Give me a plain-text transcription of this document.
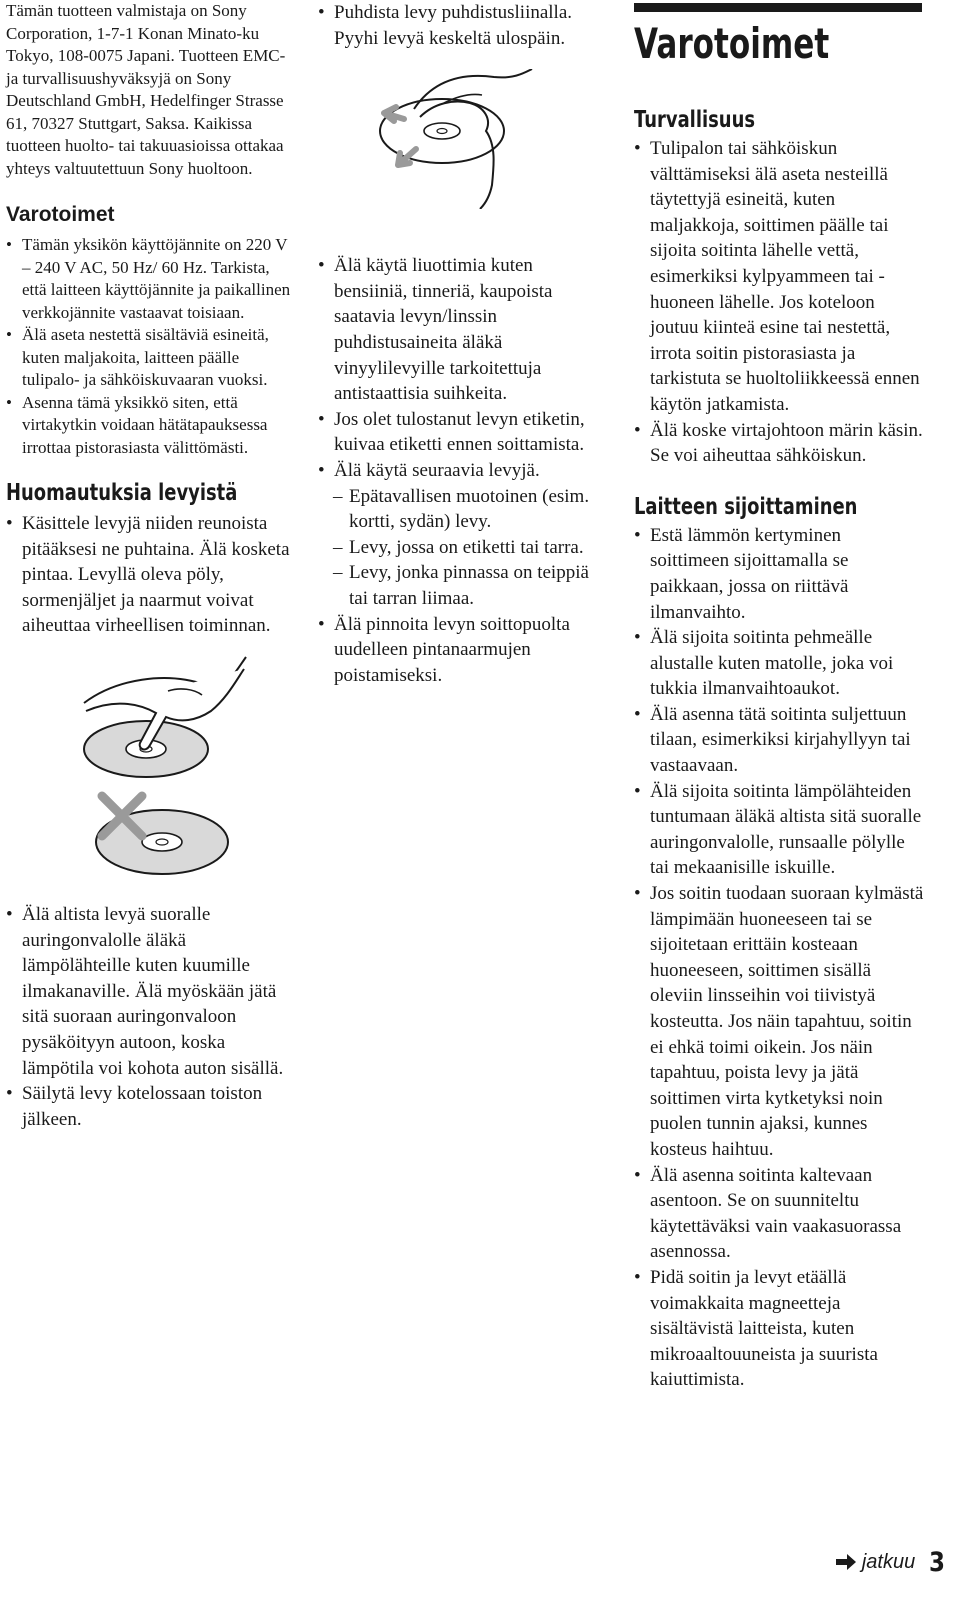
Tämän tuotteen valmistaja on Sony Corporation, 1-7-1 Konan Minato-ku Tokyo, 108-0075 Japani. Tuotteen EMC- ja turvallisuushyväksyjä on Sony Deutschland GmbH, Hedelfinger Strasse 61, 70327 Stuttgart, Saksa. Kaikissa tuotteen huolto- tai takuuasioissa ottakaa yhteys valtuutettuun Sony huoltoon.

Varotoimet
• Tämän yksikön käyttöjännite on 220 V – 240 V AC, 50 Hz/ 60 Hz. Tarkista, että laitteen käyttöjännite ja paikallinen verkkojännite vastaavat toisiaan.
• Älä aseta nestettä sisältäviä esineitä, kuten maljakoita, laitteen päälle tulipalo- ja sähköiskuvaaran vuoksi.
• Asenna tämä yksikkö siten, että virtakytkin voidaan hätätapauksessa irrottaa pistorasiasta välittömästi.
Huomautuksia levyistä
• Käsittele levyjä niiden reunoista pitääksesi ne puhtaina. Älä kosketa pintaa. Levyllä oleva pöly, sormenjäljet ja naarmut voivat aiheuttaa virheellisen toiminnan.
• Älä altista levyä suoralle auringonvalolle äläkä lämpölähteille kuten kuumille ilmakanaville. Älä myöskään jätä sitä suoraan auringonvaloon pysäköityyn autoon, koska lämpötila voi kohota auton sisällä.
• Säilytä levy kotelossaan toiston jälkeen.
• Puhdista levy puhdistusliinalla. Pyyhi levyä keskeltä ulospäin.
• Älä käytä liuottimia kuten bensiiniä, tinneriä, kaupoista saatavia levyn/linssin puhdistusaineita äläkä vinyylilevyille tarkoitettuja antistaattisia suihkeita.
• Jos olet tulostanut levyn etiketin, kuivaa etiketti ennen soittamista.
• Älä käytä seuraavia levyjä.
– Epätavallisen muotoinen (esim. kortti, sydän) levy.
– Levy, jossa on etiketti tai tarra.
– Levy, jonka pinnassa on teippiä tai tarran liimaa.
• Älä pinnoita levyn soittopuolta uudelleen pintanaarmujen poistamiseksi.
Varotoimet
Turvallisuus
• Tulipalon tai sähköiskun välttämiseksi älä aseta nesteillä täytettyjä esineitä, kuten maljakkoja, soittimen päälle tai sijoita soitinta lähelle vettä, esimerkiksi kylpyammeen tai -huoneen lähelle. Jos koteloon joutuu kiinteä esine tai nestettä, irrota soitin pistorasiasta ja tarkistuta se huoltoliikkeessä ennen käytön jatkamista.
• Älä koske virtajohtoon märin käsin. Se voi aiheuttaa sähköiskun.
Laitteen sijoittaminen
• Estä lämmön kertyminen soittimeen sijoittamalla se paikkaan, jossa on riittävä ilmanvaihto.
• Älä sijoita soitinta pehmeälle alustalle kuten matolle, joka voi tukkia ilmanvaihtoaukot.
• Älä asenna tätä soitinta suljettuun tilaan, esimerkiksi kirjahyllyyn tai vastaavaan.
• Älä sijoita soitinta lämpölähteiden tuntumaan äläkä altista sitä suoralle auringonvalolle, runsaalle pölylle tai mekaanisille iskuille.
• Jos soitin tuodaan suoraan kylmästä lämpimään huoneeseen tai se sijoitetaan erittäin kosteaan huoneeseen, soittimen sisällä oleviin linsseihin voi tiivistyä kosteutta. Jos näin tapahtuu, soitin ei ehkä toimi oikein. Jos näin tapahtuu, poista levy ja jätä soittimen virta kytketyksi noin puolen tunnin ajaksi, kunnes kosteus haihtuu.
• Älä asenna soitinta kaltevaan asentoon. Se on suunniteltu käytettäväksi vain vaakasuorassa asennossa.
• Pidä soitin ja levyt etäällä voimakkaita magneetteja sisältävistä laitteista, kuten mikroaaltouuneista ja suurista kaiuttimista.
jatkuu 3
